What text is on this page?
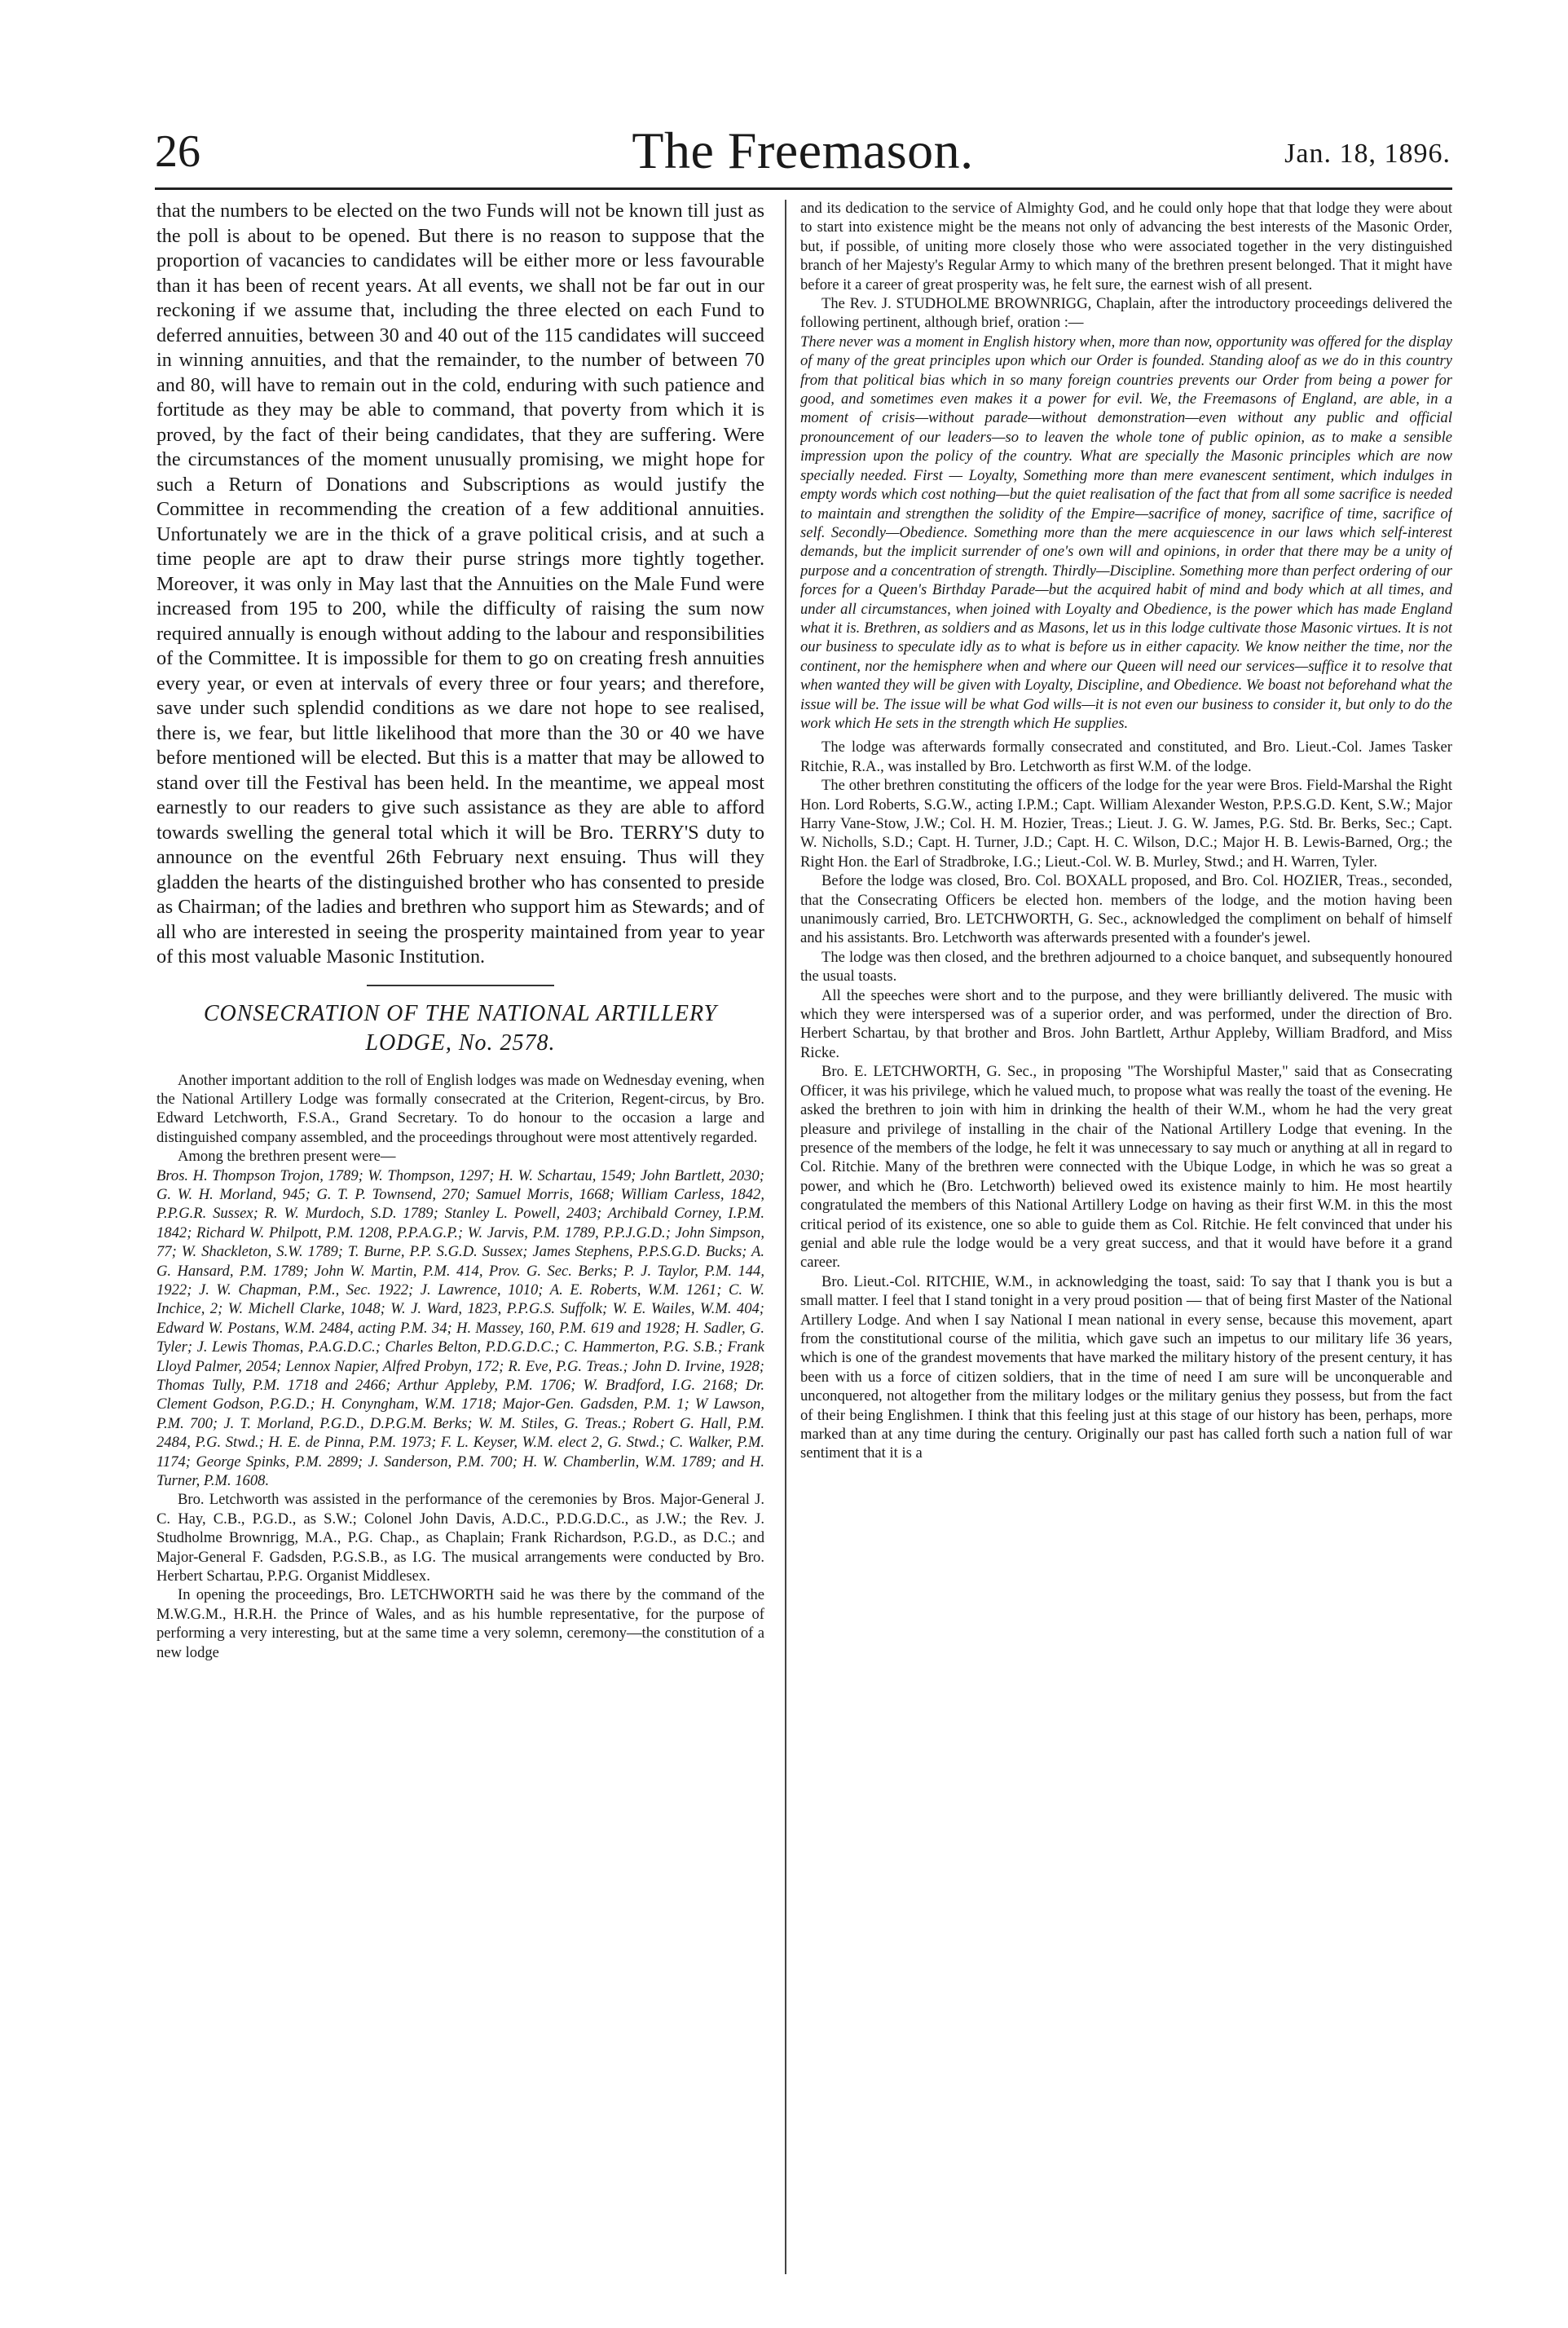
26	The Freemason.	Jan. 18, 1896.

that the numbers to be elected on the two Funds will not be known till just as the poll is about to be opened. But there is no reason to suppose that the proportion of vacancies to candidates will be either more or less favourable than it has been of recent years. At all events, we shall not be far out in our reckoning if we assume that, including the three elected on each Fund to deferred annuities, between 30 and 40 out of the 115 candidates will succeed in winning annuities, and that the remainder, to the number of between 70 and 80, will have to remain out in the cold, enduring with such patience and fortitude as they may be able to command, that poverty from which it is proved, by the fact of their being candidates, that they are suffering. Were the circumstances of the moment unusually promising, we might hope for such a Return of Donations and Subscriptions as would justify the Committee in recommending the creation of a few additional annuities. Unfortunately we are in the thick of a grave political crisis, and at such a time people are apt to draw their purse strings more tightly together. Moreover, it was only in May last that the Annuities on the Male Fund were increased from 195 to 200, while the difficulty of raising the sum now required annually is enough without adding to the labour and responsibilities of the Committee. It is impossible for them to go on creating fresh annuities every year, or even at intervals of every three or four years; and therefore, save under such splendid conditions as we dare not hope to see realised, there is, we fear, but little likelihood that more than the 30 or 40 we have before mentioned will be elected. But this is a matter that may be allowed to stand over till the Festival has been held. In the meantime, we appeal most earnestly to our readers to give such assistance as they are able to afford towards swelling the general total which it will be Bro. TERRY'S duty to announce on the eventful 26th February next ensuing. Thus will they gladden the hearts of the distinguished brother who has consented to preside as Chairman; of the ladies and brethren who support him as Stewards; and of all who are interested in seeing the prosperity maintained from year to year of this most valuable Masonic Institution.

CONSECRATION OF THE NATIONAL ARTILLERY
LODGE, No. 2578.

Another important addition to the roll of English lodges was made on Wednesday evening, when the National Artillery Lodge was formally consecrated at the Criterion, Regent-circus, by Bro. Edward Letchworth, F.S.A., Grand Secretary. To do honour to the occasion a large and distinguished company assembled, and the proceedings throughout were most attentively regarded.

Among the brethren present were—

Bros. H. Thompson Trojon, 1789; W. Thompson, 1297; H. W. Schartau, 1549; John Bartlett, 2030; G. W. H. Morland, 945; G. T. P. Townsend, 270; Samuel Morris, 1668; William Carless, 1842, P.P.G.R. Sussex; R. W. Murdoch, S.D. 1789; Stanley L. Powell, 2403; Archibald Corney, I.P.M. 1842; Richard W. Philpott, P.M. 1208, P.P.A.G.P.; W. Jarvis, P.M. 1789, P.P.J.G.D.; John Simpson, 77; W. Shackleton, S.W. 1789; T. Burne, P.P. S.G.D. Sussex; James Stephens, P.P.S.G.D. Bucks; A. G. Hansard, P.M. 1789; John W. Martin, P.M. 414, Prov. G. Sec. Berks; P. J. Taylor, P.M. 144, 1922; J. W. Chapman, P.M., Sec. 1922; J. Lawrence, 1010; A. E. Roberts, W.M. 1261; C. W. Inchice, 2; W. Michell Clarke, 1048; W. J. Ward, 1823, P.P.G.S. Suffolk; W. E. Wailes, W.M. 404; Edward W. Postans, W.M. 2484, acting P.M. 34; H. Massey, 160, P.M. 619 and 1928; H. Sadler, G. Tyler; J. Lewis Thomas, P.A.G.D.C.; Charles Belton, P.D.G.D.C.; C. Hammerton, P.G. S.B.; Frank Lloyd Palmer, 2054; Lennox Napier, Alfred Probyn, 172; R. Eve, P.G. Treas.; John D. Irvine, 1928; Thomas Tully, P.M. 1718 and 2466; Arthur Appleby, P.M. 1706; W. Bradford, I.G. 2168; Dr. Clement Godson, P.G.D.; H. Conyngham, W.M. 1718; Major-Gen. Gadsden, P.M. 1; W Lawson, P.M. 700; J. T. Morland, P.G.D., D.P.G.M. Berks; W. M. Stiles, G. Treas.; Robert G. Hall, P.M. 2484, P.G. Stwd.; H. E. de Pinna, P.M. 1973; F. L. Keyser, W.M. elect 2, G. Stwd.; C. Walker, P.M. 1174; George Spinks, P.M. 2899; J. Sanderson, P.M. 700; H. W. Chamberlin, W.M. 1789; and H. Turner, P.M. 1608.

Bro. Letchworth was assisted in the performance of the ceremonies by Bros. Major-General J. C. Hay, C.B., P.G.D., as S.W.; Colonel John Davis, A.D.C., P.D.G.D.C., as J.W.; the Rev. J. Studholme Brownrigg, M.A., P.G. Chap., as Chaplain; Frank Richardson, P.G.D., as D.C.; and Major-General F. Gadsden, P.G.S.B., as I.G. The musical arrangements were conducted by Bro. Herbert Schartau, P.P.G. Organist Middlesex.

In opening the proceedings, Bro. LETCHWORTH said he was there by the command of the M.W.G.M., H.R.H. the Prince of Wales, and as his humble representative, for the purpose of performing a very interesting, but at the same time a very solemn, ceremony—the constitution of a new lodge

and its dedication to the service of Almighty God, and he could only hope that that lodge they were about to start into existence might be the means not only of advancing the best interests of the Masonic Order, but, if possible, of uniting more closely those who were associated together in the very distinguished branch of her Majesty's Regular Army to which many of the brethren present belonged. That it might have before it a career of great prosperity was, he felt sure, the earnest wish of all present.

The Rev. J. STUDHOLME BROWNRIGG, Chaplain, after the introductory proceedings delivered the following pertinent, although brief, oration :—

There never was a moment in English history when, more than now, opportunity was offered for the display of many of the great principles upon which our Order is founded. Standing aloof as we do in this country from that political bias which in so many foreign countries prevents our Order from being a power for good, and sometimes even makes it a power for evil. We, the Freemasons of England, are able, in a moment of crisis—without parade—without demonstration—even without any public and official pronouncement of our leaders—so to leaven the whole tone of public opinion, as to make a sensible impression upon the policy of the country. What are specially the Masonic principles which are now specially needed. First — Loyalty, Something more than mere evanescent sentiment, which indulges in empty words which cost nothing—but the quiet realisation of the fact that from all some sacrifice is needed to maintain and strengthen the solidity of the Empire—sacrifice of money, sacrifice of time, sacrifice of self. Secondly—Obedience. Something more than the mere acquiescence in our laws which self-interest demands, but the implicit surrender of one's own will and opinions, in order that there may be a unity of purpose and a concentration of strength. Thirdly—Discipline. Something more than perfect ordering of our forces for a Queen's Birthday Parade—but the acquired habit of mind and body which at all times, and under all circumstances, when joined with Loyalty and Obedience, is the power which has made England what it is. Brethren, as soldiers and as Masons, let us in this lodge cultivate those Masonic virtues. It is not our business to speculate idly as to what is before us in either capacity. We know neither the time, nor the continent, nor the hemisphere when and where our Queen will need our services—suffice it to resolve that when wanted they will be given with Loyalty, Discipline, and Obedience. We boast not beforehand what the issue will be. The issue will be what God wills—it is not even our business to consider it, but only to do the work which He sets in the strength which He supplies.

The lodge was afterwards formally consecrated and constituted, and Bro. Lieut.-Col. James Tasker Ritchie, R.A., was installed by Bro. Letchworth as first W.M. of the lodge.

The other brethren constituting the officers of the lodge for the year were Bros. Field-Marshal the Right Hon. Lord Roberts, S.G.W., acting I.P.M.; Capt. William Alexander Weston, P.P.S.G.D. Kent, S.W.; Major Harry Vane-Stow, J.W.; Col. H. M. Hozier, Treas.; Lieut. J. G. W. James, P.G. Std. Br. Berks, Sec.; Capt. W. Nicholls, S.D.; Capt. H. Turner, J.D.; Capt. H. C. Wilson, D.C.; Major H. B. Lewis-Barned, Org.; the Right Hon. the Earl of Stradbroke, I.G.; Lieut.-Col. W. B. Murley, Stwd.; and H. Warren, Tyler.

Before the lodge was closed, Bro. Col. BOXALL proposed, and Bro. Col. HOZIER, Treas., seconded, that the Consecrating Officers be elected hon. members of the lodge, and the motion having been unanimously carried, Bro. LETCHWORTH, G. Sec., acknowledged the compliment on behalf of himself and his assistants. Bro. Letchworth was afterwards presented with a founder's jewel.

The lodge was then closed, and the brethren adjourned to a choice banquet, and subsequently honoured the usual toasts.

All the speeches were short and to the purpose, and they were brilliantly delivered. The music with which they were interspersed was of a superior order, and was performed, under the direction of Bro. Herbert Schartau, by that brother and Bros. John Bartlett, Arthur Appleby, William Bradford, and Miss Ricke.

Bro. E. LETCHWORTH, G. Sec., in proposing "The Worshipful Master," said that as Consecrating Officer, it was his privilege, which he valued much, to propose what was really the toast of the evening. He asked the brethren to join with him in drinking the health of their W.M., whom he had the very great pleasure and privilege of installing in the chair of the National Artillery Lodge that evening. In the presence of the members of the lodge, he felt it was unnecessary to say much or anything at all in regard to Col. Ritchie. Many of the brethren were connected with the Ubique Lodge, in which he was so great a power, and which he (Bro. Letchworth) believed owed its existence mainly to him. He most heartily congratulated the members of this National Artillery Lodge on having as their first W.M. in this the most critical period of its existence, one so able to guide them as Col. Ritchie. He felt convinced that under his genial and able rule the lodge would be a very great success, and that it would have before it a grand career.

Bro. Lieut.-Col. RITCHIE, W.M., in acknowledging the toast, said: To say that I thank you is but a small matter. I feel that I stand tonight in a very proud position — that of being first Master of the National Artillery Lodge. And when I say National I mean national in every sense, because this movement, apart from the constitutional course of the militia, which gave such an impetus to our military life 36 years, which is one of the grandest movements that have marked the military history of the present century, it has been with us a force of citizen soldiers, that in the time of need I am sure will be unconquerable and unconquered, not altogether from the military lodges or the military genius they possess, but from the fact of their being Englishmen. I think that this feeling just at this stage of our history has been, perhaps, more marked than at any time during the century. Originally our past has called forth such a nation full of war sentiment that it is a
